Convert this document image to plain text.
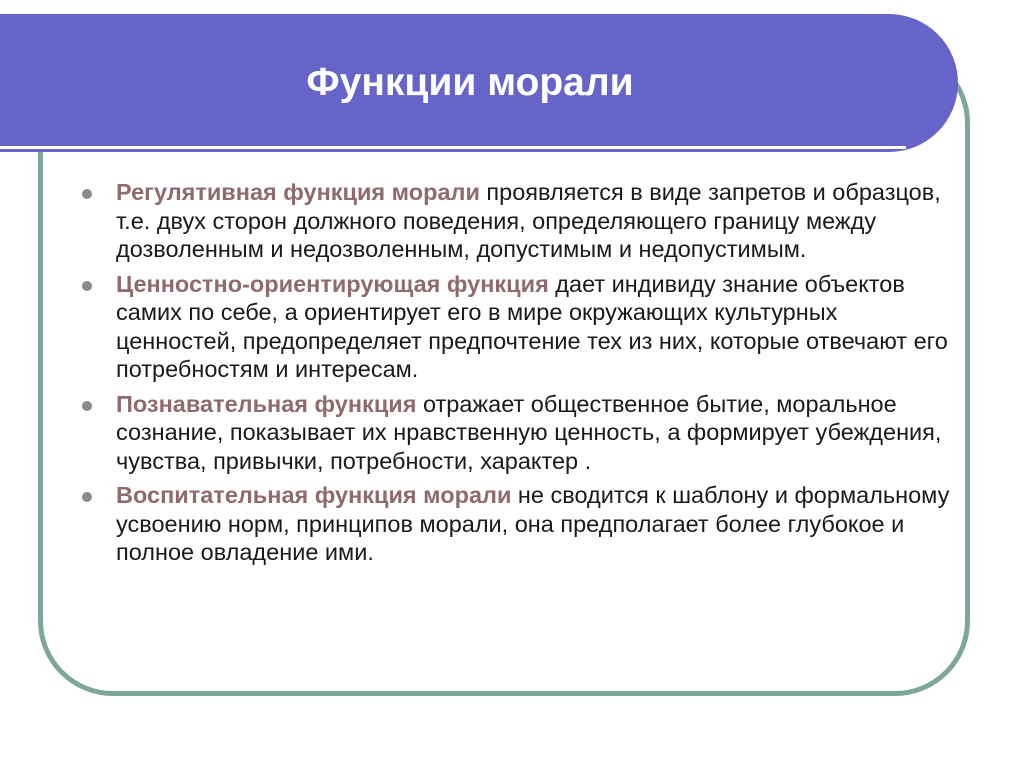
Функции морали
Регулятивная функция морали проявляется в виде запретов и образцов, т.е. двух сторон должного поведения, определяющего границу между дозволенным и недозволенным, допустимым и недопустимым.
Ценностно-ориентирующая функция дает индивиду знание объектов самих по себе, а ориентирует его в мире окружающих культурных ценностей, предопределяет предпочтение тех из них, которые отвечают его потребностям и интересам.
Познавательная функция отражает общественное бытие, моральное сознание, показывает их нравственную ценность, а формирует убеждения, чувства, привычки, потребности, характер .
Воспитательная функция морали не сводится к шаблону и формальному усвоению норм, принципов морали, она предполагает более глубокое и полное овладение ими.
